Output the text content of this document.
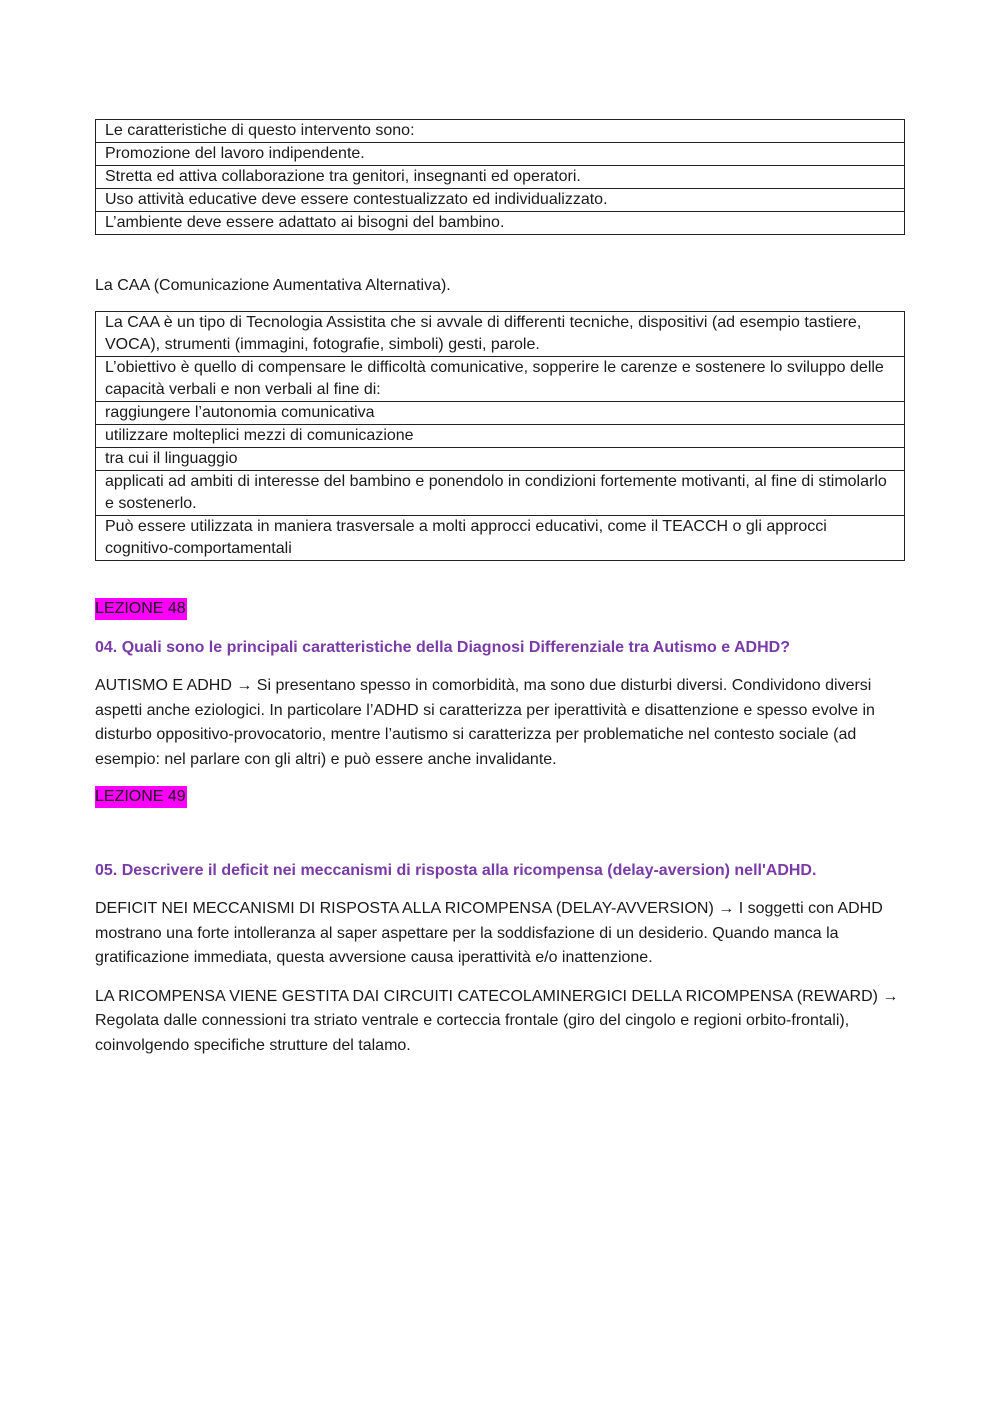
Le caratteristiche di questo intervento sono:
Promozione del lavoro indipendente.
Stretta ed attiva collaborazione tra genitori, insegnanti ed operatori.
Uso attività educative deve essere contestualizzato ed individualizzato.
L’ambiente deve essere adattato ai bisogni del bambino.

La CAA (Comunicazione Aumentativa Alternativa).

La CAA è un tipo di Tecnologia Assistita che si avvale di differenti tecniche, dispositivi (ad esempio tastiere, VOCA), strumenti (immagini, fotografie, simboli) gesti, parole.
L’obiettivo è quello di compensare le difficoltà comunicative, sopperire le carenze e sostenere lo sviluppo delle capacità verbali e non verbali al fine di:
raggiungere l’autonomia comunicativa
utilizzare molteplici mezzi di comunicazione
tra cui il linguaggio
applicati ad ambiti di interesse del bambino e ponendolo in condizioni fortemente motivanti, al fine di stimolarlo e sostenerlo.
Può essere utilizzata in maniera trasversale a molti approcci educativi, come il TEACCH o gli approcci cognitivo-comportamentali
LEZIONE 48

04. Quali sono le principali caratteristiche della Diagnosi Differenziale tra Autismo e ADHD?

AUTISMO E ADHD → Si presentano spesso in comorbidità, ma sono due disturbi diversi. Condividono diversi aspetti anche eziologici. In particolare l’ADHD si caratterizza per iperattività e disattenzione e spesso evolve in disturbo oppositivo-provocatorio, mentre l’autismo si caratterizza per problematiche nel contesto sociale (ad esempio: nel parlare con gli altri) e può essere anche invalidante.

LEZIONE 49

05. Descrivere il deficit nei meccanismi di risposta alla ricompensa (delay-aversion) nell'ADHD.

DEFICIT NEI MECCANISMI DI RISPOSTA ALLA RICOMPENSA (DELAY-AVVERSION) → I soggetti con ADHD mostrano una forte intolleranza al saper aspettare per la soddisfazione di un desiderio. Quando manca la gratificazione immediata, questa avversione causa iperattività e/o inattenzione.

LA RICOMPENSA VIENE GESTITA DAI CIRCUITI CATECOLAMINERGICI DELLA RICOMPENSA (REWARD) → Regolata dalle connessioni tra striato ventrale e corteccia frontale (giro del cingolo e regioni orbito-frontali), coinvolgendo specifiche strutture del talamo.
